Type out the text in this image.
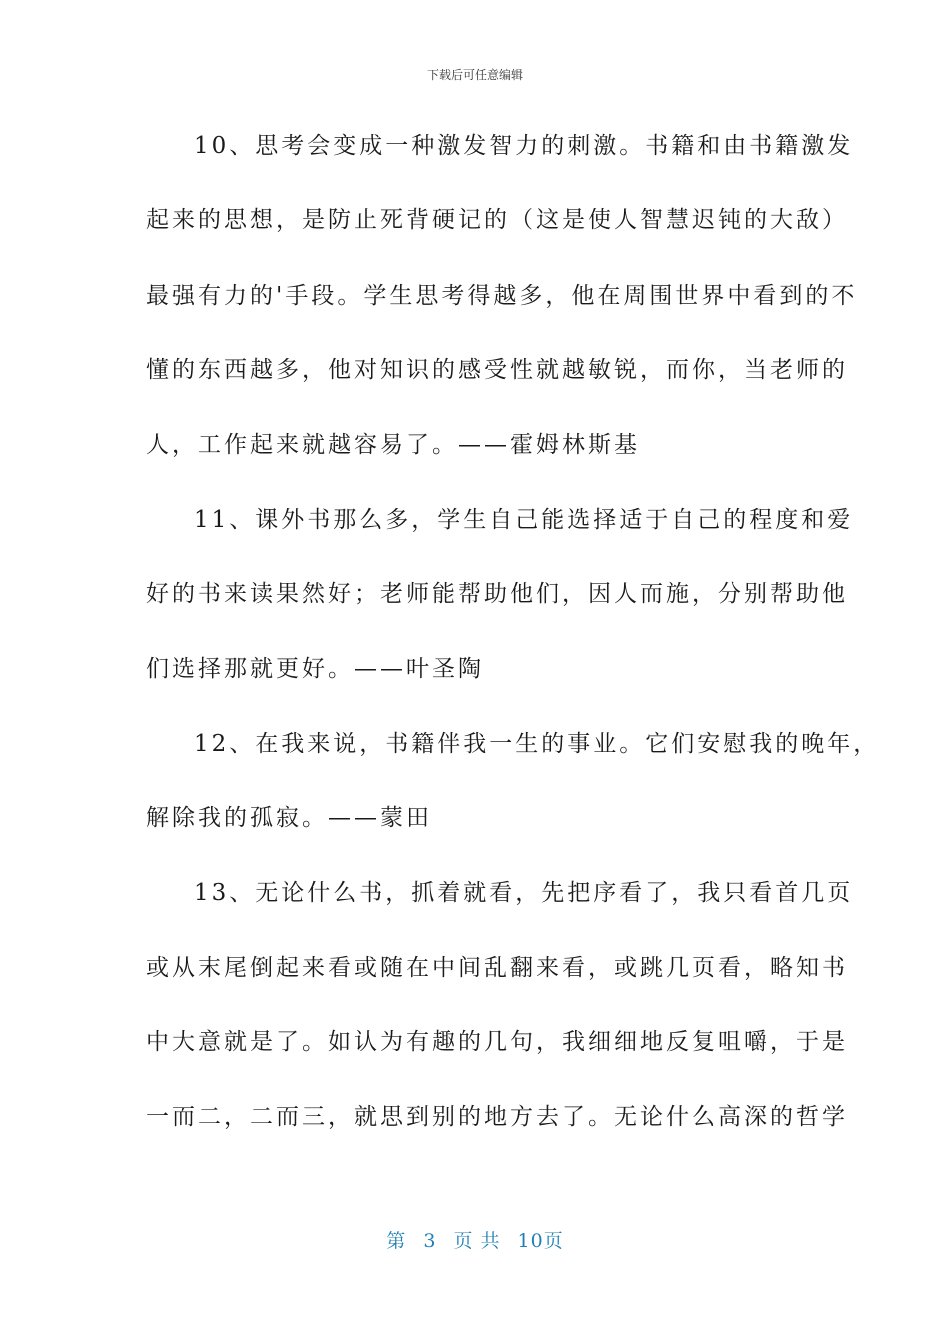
下载后可任意编辑
10、思考会变成一种激发智力的刺激。书籍和由书籍激发
起来的思想，是防止死背硬记的（这是使人智慧迟钝的大敌）
最强有力的'手段。学生思考得越多，他在周围世界中看到的不
懂的东西越多，他对知识的感受性就越敏锐，而你，当老师的
人，工作起来就越容易了。——霍姆林斯基
11、课外书那么多，学生自己能选择适于自己的程度和爱
好的书来读果然好；老师能帮助他们，因人而施，分别帮助他
们选择那就更好。——叶圣陶
12、在我来说，书籍伴我一生的事业。它们安慰我的晚年，
解除我的孤寂。——蒙田
13、无论什么书，抓着就看，先把序看了，我只看首几页
或从末尾倒起来看或随在中间乱翻来看，或跳几页看，略知书
中大意就是了。如认为有趣的几句，我细细地反复咀嚼，于是
一而二，二而三，就思到别的地方去了。无论什么高深的哲学
第 3 页 共 10页
